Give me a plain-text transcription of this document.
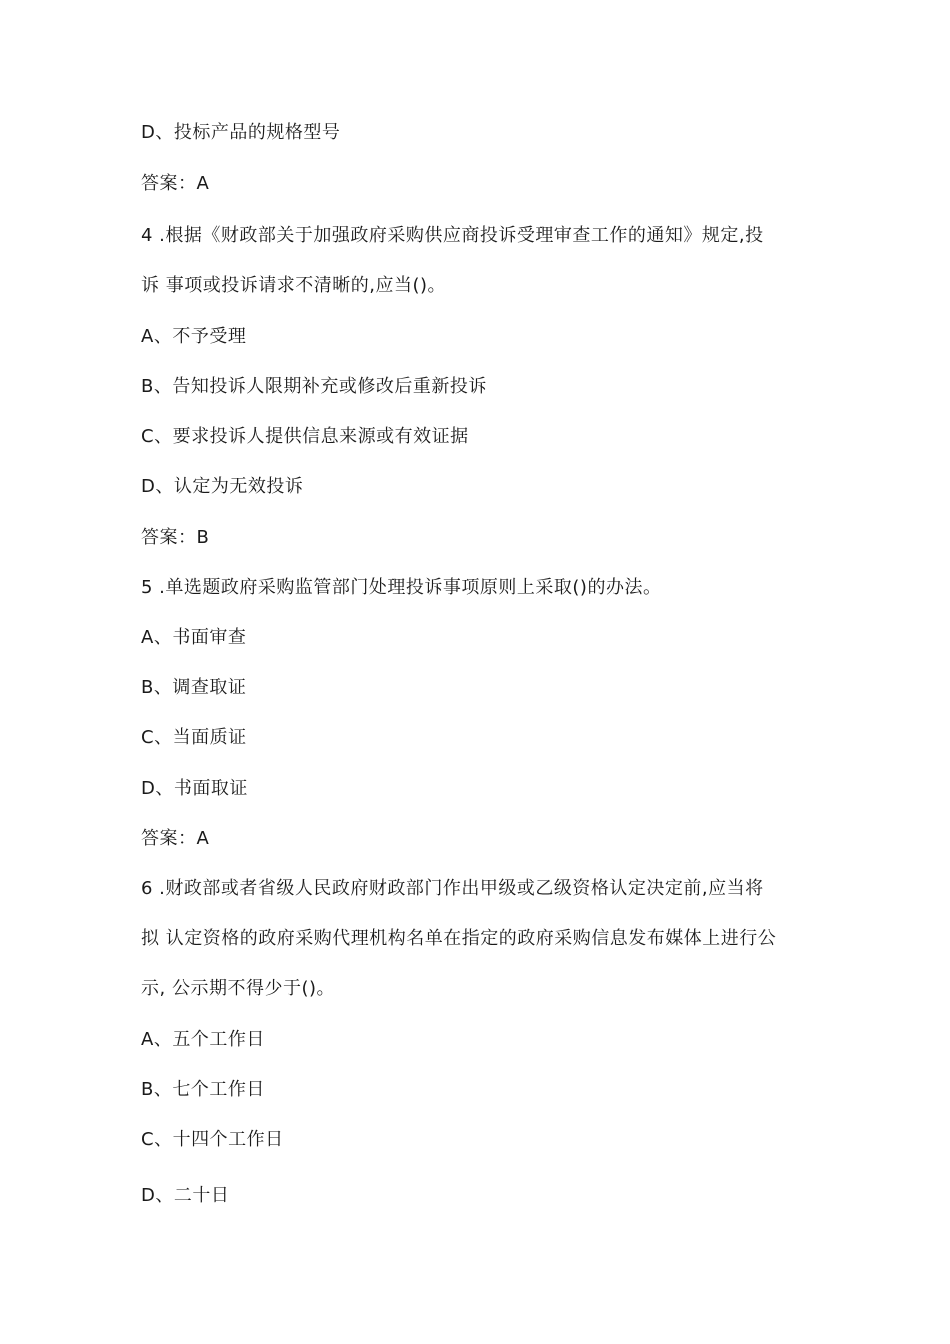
D、投标产品的规格型号
答案：A
4 .根据《财政部关于加强政府采购供应商投诉受理审查工作的通知》规定,投
诉 事项或投诉请求不清晰的,应当()。
A、不予受理
B、告知投诉人限期补充或修改后重新投诉
C、要求投诉人提供信息来源或有效证据
D、认定为无效投诉
答案：B
5 .单选题政府采购监管部门处理投诉事项原则上采取()的办法。
A、书面审查
B、调查取证
C、当面质证
D、书面取证
答案：A
6 .财政部或者省级人民政府财政部门作出甲级或乙级资格认定决定前,应当将
拟 认定资格的政府采购代理机构名单在指定的政府采购信息发布媒体上进行公
示, 公示期不得少于()。
A、五个工作日
B、七个工作日
C、十四个工作日
D、二十日
